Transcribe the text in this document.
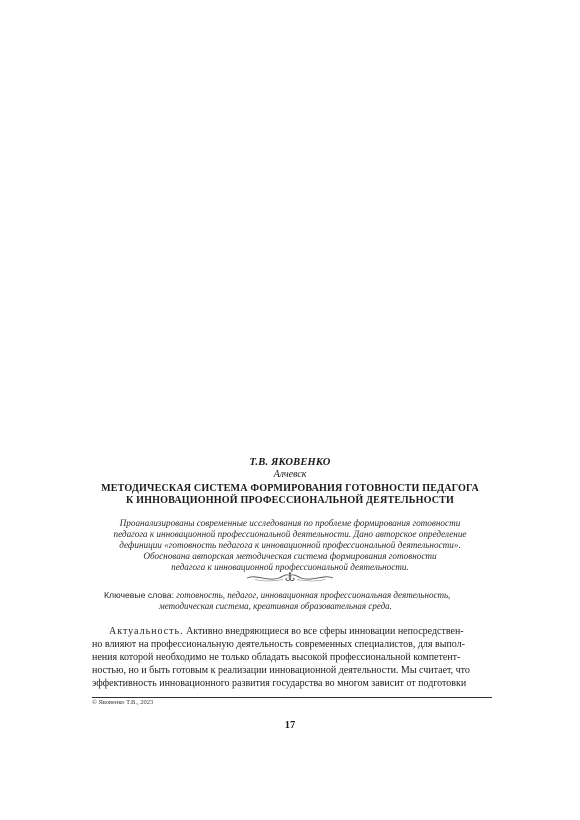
Т.В. ЯКОВЕНКО
Алчевск
МЕТОДИЧЕСКАЯ СИСТЕМА ФОРМИРОВАНИЯ ГОТОВНОСТИ ПЕДАГОГА
К ИННОВАЦИОННОЙ ПРОФЕССИОНАЛЬНОЙ ДЕЯТЕЛЬНОСТИ
Проанализированы современные исследования по проблеме формирования готовности
педагога к инновационной профессиональной деятельности. Дано авторское определение
дефиниции «готовность педагога к инновационной профессиональной деятельности».
Обоснована авторская методическая система формирования готовности
педагога к инновационной профессиональной деятельности.
Ключевые слова: готовность, педагог, инновационная профессиональная деятельность,
методическая система, креативная образовательная среда.
Актуальность. Активно внедряющиеся во все сферы инновации непосредствен-
но влияют на профессиональную деятельность современных специалистов, для выпол-
нения которой необходимо не только обладать высокой профессиональной компетент-
ностью, но и быть готовым к реализации инновационной деятельности. Мы считает, что
эффективность инновационного развития государства во многом зависит от подготовки
© Яковенко Т.В., 2023
17
